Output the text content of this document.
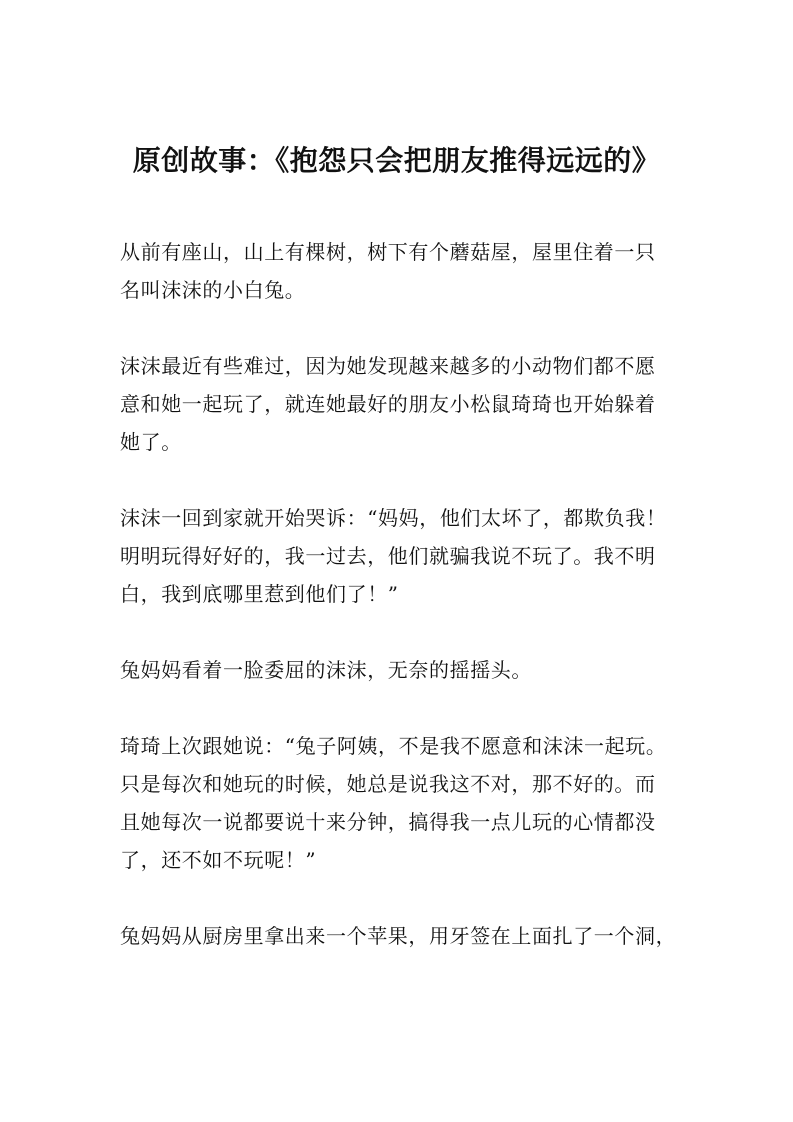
原创故事：《抱怨只会把朋友推得远远的》
从前有座山，山上有棵树，树下有个蘑菇屋，屋里住着一只
名叫沫沫的小白兔。
沫沫最近有些难过，因为她发现越来越多的小动物们都不愿
意和她一起玩了，就连她最好的朋友小松鼠琦琦也开始躲着
她了。
沫沫一回到家就开始哭诉：“妈妈，他们太坏了，都欺负我！
明明玩得好好的，我一过去，他们就骗我说不玩了。我不明
白，我到底哪里惹到他们了！”
兔妈妈看着一脸委屈的沫沫，无奈的摇摇头。
琦琦上次跟她说：“兔子阿姨，不是我不愿意和沫沫一起玩。
只是每次和她玩的时候，她总是说我这不对，那不好的。而
且她每次一说都要说十来分钟，搞得我一点儿玩的心情都没
了，还不如不玩呢！”
兔妈妈从厨房里拿出来一个苹果，用牙签在上面扎了一个洞，
